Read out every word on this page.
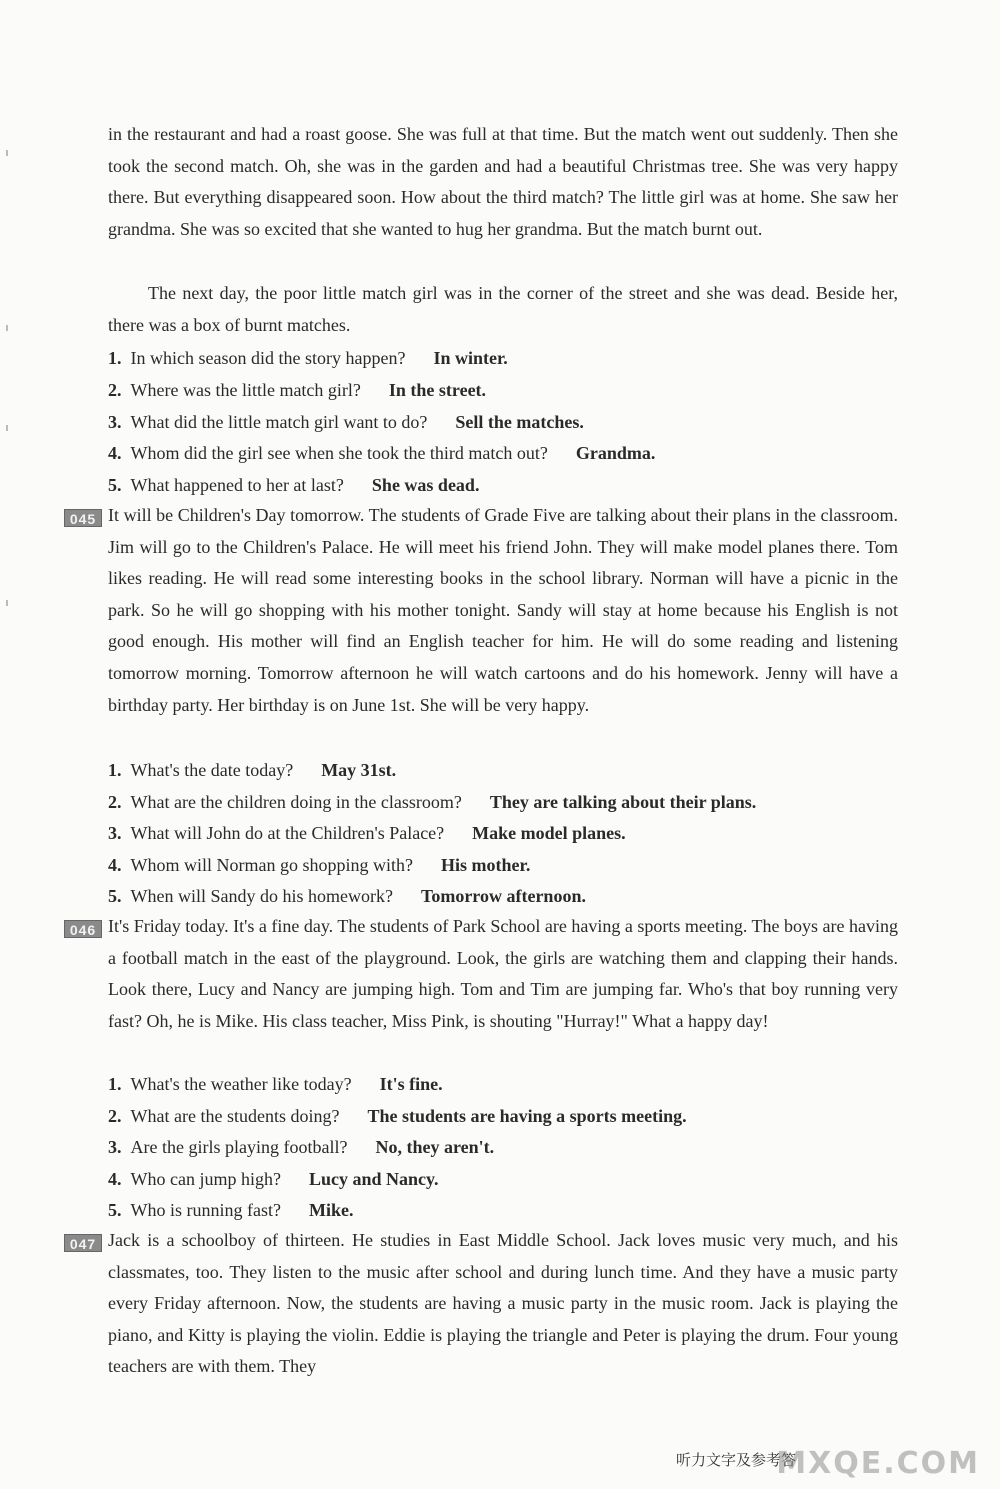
in the restaurant and had a roast goose. She was full at that time. But the match went out suddenly. Then she took the second match. Oh, she was in the garden and had a beautiful Christmas tree. She was very happy there. But everything disappeared soon. How about the third match? The little girl was at home. She saw her grandma. She was so excited that she wanted to hug her grandma. But the match burnt out.
The next day, the poor little match girl was in the corner of the street and she was dead. Beside her, there was a box of burnt matches.
1. In which season did the story happen? In winter.
2. Where was the little match girl? In the street.
3. What did the little match girl want to do? Sell the matches.
4. Whom did the girl see when she took the third match out? Grandma.
5. What happened to her at last? She was dead.
045 It will be Children's Day tomorrow. The students of Grade Five are talking about their plans in the classroom. Jim will go to the Children's Palace. He will meet his friend John. They will make model planes there. Tom likes reading. He will read some interesting books in the school library. Norman will have a picnic in the park. So he will go shopping with his mother tonight. Sandy will stay at home because his English is not good enough. His mother will find an English teacher for him. He will do some reading and listening tomorrow morning. Tomorrow afternoon he will watch cartoons and do his homework. Jenny will have a birthday party. Her birthday is on June 1st. She will be very happy.
1. What's the date today? May 31st.
2. What are the children doing in the classroom? They are talking about their plans.
3. What will John do at the Children's Palace? Make model planes.
4. Whom will Norman go shopping with? His mother.
5. When will Sandy do his homework? Tomorrow afternoon.
046 It's Friday today. It's a fine day. The students of Park School are having a sports meeting. The boys are having a football match in the east of the playground. Look, the girls are watching them and clapping their hands. Look there, Lucy and Nancy are jumping high. Tom and Tim are jumping far. Who's that boy running very fast? Oh, he is Mike. His class teacher, Miss Pink, is shouting "Hurray!" What a happy day!
1. What's the weather like today? It's fine.
2. What are the students doing? The students are having a sports meeting.
3. Are the girls playing football? No, they aren't.
4. Who can jump high? Lucy and Nancy.
5. Who is running fast? Mike.
047 Jack is a schoolboy of thirteen. He studies in East Middle School. Jack loves music very much, and his classmates, too. They listen to the music after school and during lunch time. And they have a music party every Friday afternoon. Now, the students are having a music party in the music room. Jack is playing the piano, and Kitty is playing the violin. Eddie is playing the triangle and Peter is playing the drum. Four young teachers are with them. They
听力文字及参考答
MXQE.COM
